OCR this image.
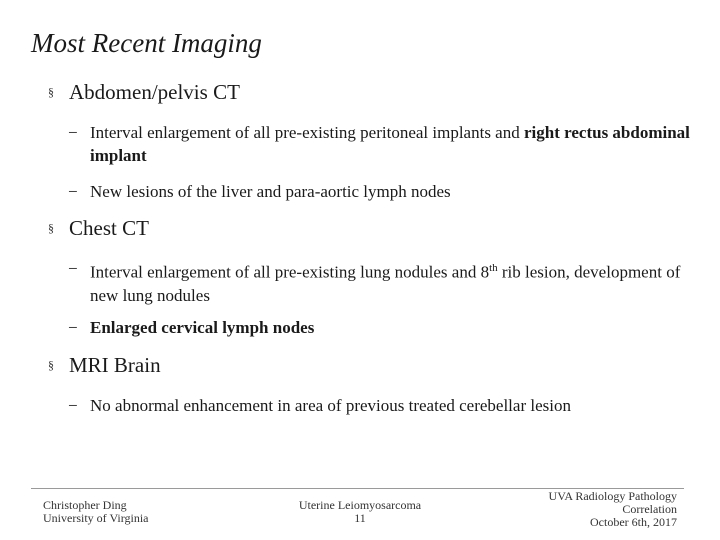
Most Recent Imaging
§ Abdomen/pelvis CT
− Interval enlargement of all pre-existing peritoneal implants and right rectus abdominal implant
− New lesions of the liver and para-aortic lymph nodes
§ Chest CT
− Interval enlargement of all pre-existing lung nodules and 8th rib lesion, development of new lung nodules
− Enlarged cervical lymph nodes
§ MRI Brain
− No abnormal enhancement in area of previous treated cerebellar lesion
Christopher Ding
University of Virginia
Uterine Leiomyosarcoma
11
UVA Radiology Pathology
Correlation
October 6th, 2017
